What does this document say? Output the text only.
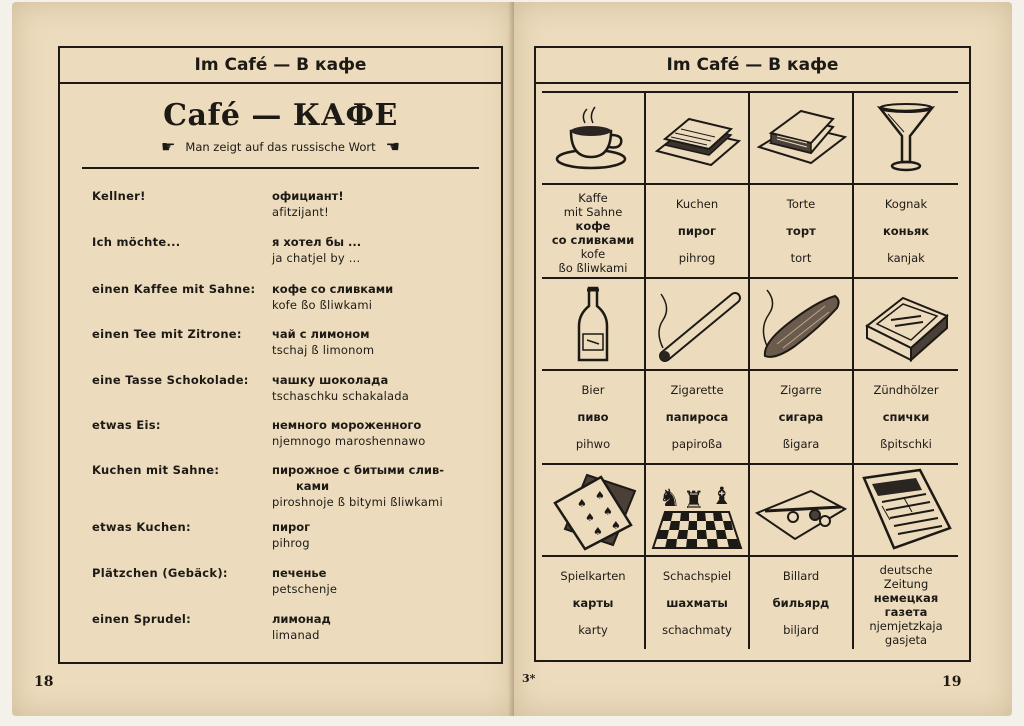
Im Café — В кафе
Café — КАФЕ
☛ Man zeigt auf das russische Wort ☚
Kellner!	официант!
afitzijant!
Ich möchte...	я хотел бы ...
ja chatjel by ...
einen Kaffee mit Sahne:	кофе со сливками
kofe ßo ßliwkami
einen Tee mit Zitrone:	чай с лимоном
tschaj ß limonom
eine Tasse Schokolade:	чашку шоколада
tschaschku schakalada
etwas Eis:	немного мороженного
njemnogo maroshennawo
Kuchen mit Sahne:	пирожное с битыми слив-
ками
piroshnoje ß bitymi ßliwkami
etwas Kuchen:	пирог
pihrog
Plätzchen (Gebäck):	печенье
petschenje
einen Sprudel:	лимонад
limanad
18
Im Café — В кафе
Kaffe
mit Sahne
кофе
со сливками
kofe
ßo ßliwkami
Kuchen
пирог
pihrog
Torte
торт
tort
Kognak
коньяк
kanjak
Bier
пиво
pihwo
Zigarette
папироса
papiroßa
Zigarre
сигара
ßigara
Zündhölzer
спички
ßpitschki
♠
♠
♠ ♠
♠ ♠
♞ ♜ ♝
Spielkarten
карты
karty
Schachspiel
шахматы
schachmaty
Billard
бильярд
biljard
deutsche
Zeitung
немецкая
газета
njemjetzkaja
gasjeta
3*	19
